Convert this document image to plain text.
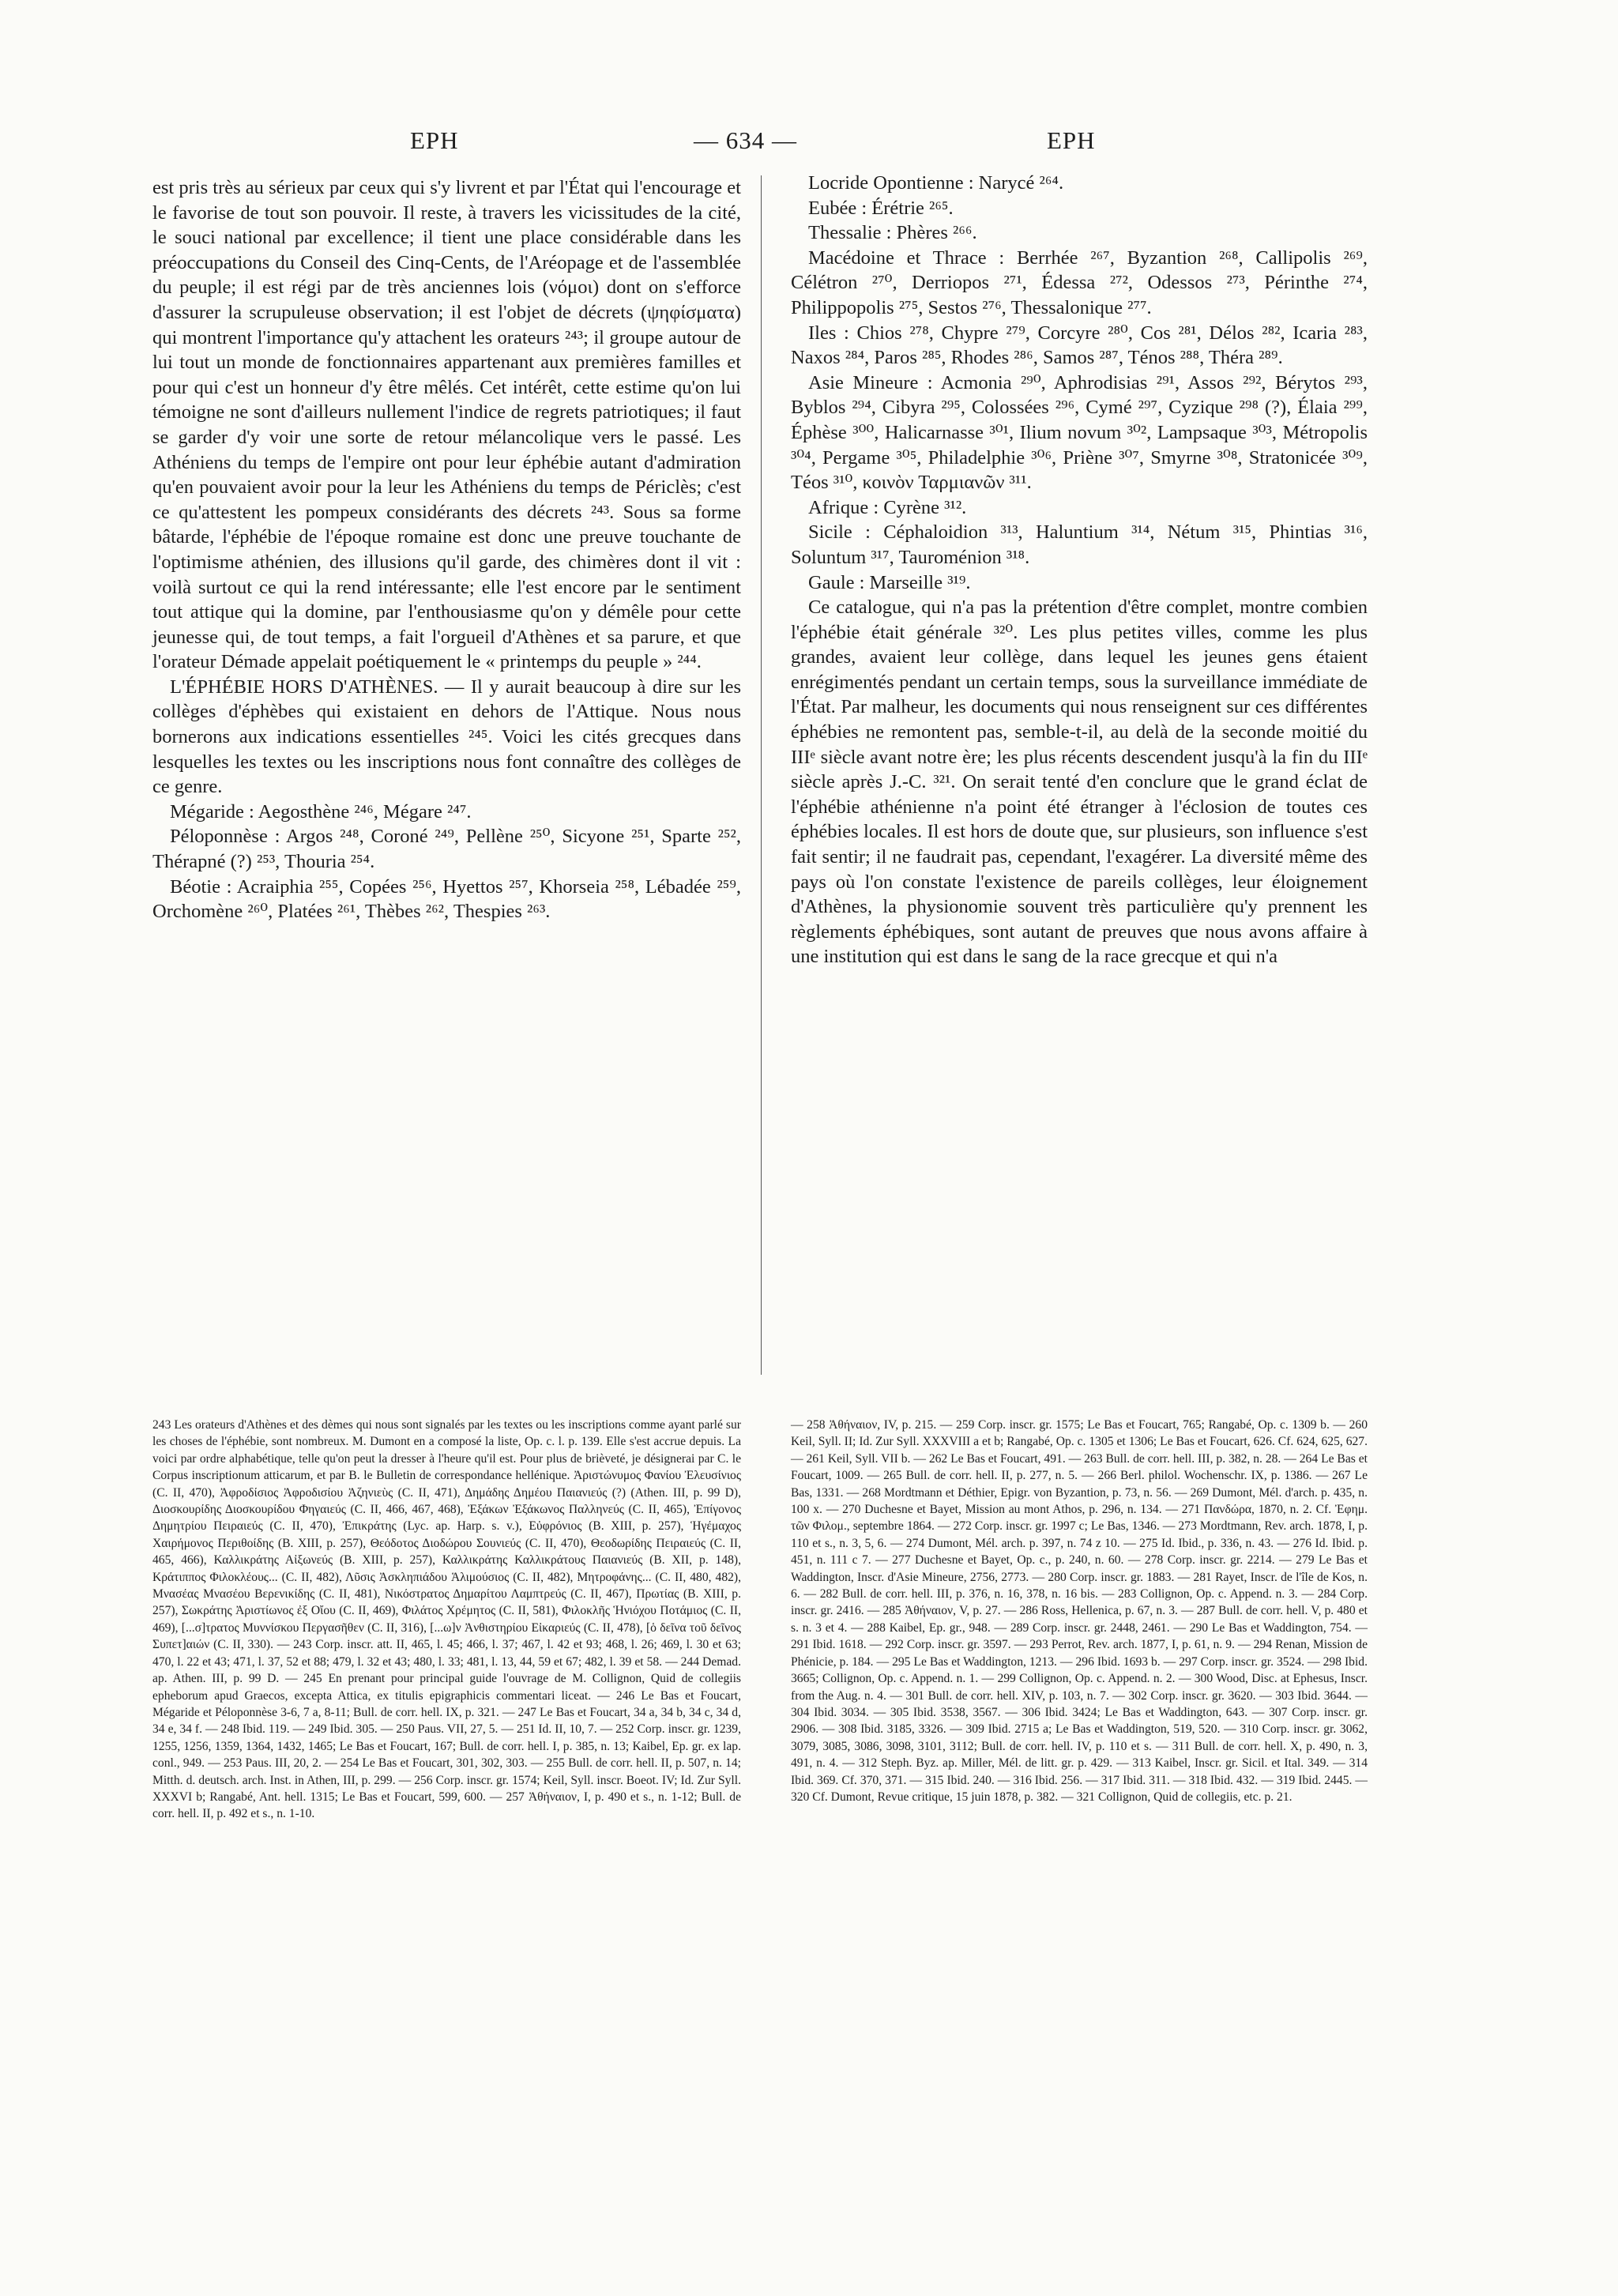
EPH	— 634 —	EPH

est pris très au sérieux par ceux qui s'y livrent et par l'État qui l'encourage et le favorise de tout son pouvoir. Il reste, à travers les vicissitudes de la cité, le souci national par excellence; il tient une place considérable dans les préoccupations du Conseil des Cinq-Cents, de l'Aréopage et de l'assemblée du peuple; il est régi par de très anciennes lois (νόμοι) dont on s'efforce d'assurer la scrupuleuse observation; il est l'objet de décrets (ψηφίσματα) qui montrent l'importance qu'y attachent les orateurs ²⁴³; il groupe autour de lui tout un monde de fonctionnaires appartenant aux premières familles et pour qui c'est un honneur d'y être mêlés. Cet intérêt, cette estime qu'on lui témoigne ne sont d'ailleurs nullement l'indice de regrets patriotiques; il faut se garder d'y voir une sorte de retour mélancolique vers le passé. Les Athéniens du temps de l'empire ont pour leur éphébie autant d'admiration qu'en pouvaient avoir pour la leur les Athéniens du temps de Périclès; c'est ce qu'attestent les pompeux considérants des décrets ²⁴³. Sous sa forme bâtarde, l'éphébie de l'époque romaine est donc une preuve touchante de l'optimisme athénien, des illusions qu'il garde, des chimères dont il vit : voilà surtout ce qui la rend intéressante; elle l'est encore par le sentiment tout attique qui la domine, par l'enthousiasme qu'on y démêle pour cette jeunesse qui, de tout temps, a fait l'orgueil d'Athènes et sa parure, et que l'orateur Démade appelait poétiquement le « printemps du peuple » ²⁴⁴.

L'ÉPHÉBIE HORS D'ATHÈNES. — Il y aurait beaucoup à dire sur les collèges d'éphèbes qui existaient en dehors de l'Attique. Nous nous bornerons aux indications essentielles ²⁴⁵. Voici les cités grecques dans lesquelles les textes ou les inscriptions nous font connaître des collèges de ce genre.

Mégaride : Aegosthène ²⁴⁶, Mégare ²⁴⁷.

Péloponnèse : Argos ²⁴⁸, Coroné ²⁴⁹, Pellène ²⁵⁰, Sicyone ²⁵¹, Sparte ²⁵², Thérapné (?) ²⁵³, Thouria ²⁵⁴.

Béotie : Acraiphia ²⁵⁵, Copées ²⁵⁶, Hyettos ²⁵⁷, Khorseia ²⁵⁸, Lébadée ²⁵⁹, Orchomène ²⁶⁰, Platées ²⁶¹, Thèbes ²⁶², Thespies ²⁶³.

Locride Opontienne : Narycé ²⁶⁴.

Eubée : Érétrie ²⁶⁵.

Thessalie : Phères ²⁶⁶.

Macédoine et Thrace : Berrhée ²⁶⁷, Byzantion ²⁶⁸, Callipolis ²⁶⁹, Célétron ²⁷⁰, Derriopos ²⁷¹, Édessa ²⁷², Odessos ²⁷³, Périnthe ²⁷⁴, Philippopolis ²⁷⁵, Sestos ²⁷⁶, Thessalonique ²⁷⁷.

Iles : Chios ²⁷⁸, Chypre ²⁷⁹, Corcyre ²⁸⁰, Cos ²⁸¹, Délos ²⁸², Icaria ²⁸³, Naxos ²⁸⁴, Paros ²⁸⁵, Rhodes ²⁸⁶, Samos ²⁸⁷, Ténos ²⁸⁸, Théra ²⁸⁹.

Asie Mineure : Acmonia ²⁹⁰, Aphrodisias ²⁹¹, Assos ²⁹², Bérytos ²⁹³, Byblos ²⁹⁴, Cibyra ²⁹⁵, Colossées ²⁹⁶, Cymé ²⁹⁷, Cyzique ²⁹⁸ (?), Élaia ²⁹⁹, Éphèse ³⁰⁰, Halicarnasse ³⁰¹, Ilium novum ³⁰², Lampsaque ³⁰³, Métropolis ³⁰⁴, Pergame ³⁰⁵, Philadelphie ³⁰⁶, Priène ³⁰⁷, Smyrne ³⁰⁸, Stratonicée ³⁰⁹, Téos ³¹⁰, κοινὸν Ταρμιανῶν ³¹¹.

Afrique : Cyrène ³¹².

Sicile : Céphaloidion ³¹³, Haluntium ³¹⁴, Nétum ³¹⁵, Phintias ³¹⁶, Soluntum ³¹⁷, Tauroménion ³¹⁸.

Gaule : Marseille ³¹⁹.

Ce catalogue, qui n'a pas la prétention d'être complet, montre combien l'éphébie était générale ³²⁰. Les plus petites villes, comme les plus grandes, avaient leur collège, dans lequel les jeunes gens étaient enrégimentés pendant un certain temps, sous la surveillance immédiate de l'État. Par malheur, les documents qui nous renseignent sur ces différentes éphébies ne remontent pas, semble-t-il, au delà de la seconde moitié du IIIᵉ siècle avant notre ère; les plus récents descendent jusqu'à la fin du IIIᵉ siècle après J.-C. ³²¹. On serait tenté d'en conclure que le grand éclat de l'éphébie athénienne n'a point été étranger à l'éclosion de toutes ces éphébies locales. Il est hors de doute que, sur plusieurs, son influence s'est fait sentir; il ne faudrait pas, cependant, l'exagérer. La diversité même des pays où l'on constate l'existence de pareils collèges, leur éloignement d'Athènes, la physionomie souvent très particulière qu'y prennent les règlements éphébiques, sont autant de preuves que nous avons affaire à une institution qui est dans le sang de la race grecque et qui n'a

243 Les orateurs d'Athènes et des dèmes qui nous sont signalés par les textes ou les inscriptions comme ayant parlé sur les choses de l'éphébie, sont nombreux. M. Dumont en a composé la liste, Op. c. l. p. 139. Elle s'est accrue depuis. La voici par ordre alphabétique, telle qu'on peut la dresser à l'heure qu'il est. Pour plus de brièveté, je désignerai par C. le Corpus inscriptionum atticarum, et par B. le Bulletin de correspondance hellénique. Ἀριστώνυμος Φανίου Ἐλευσίνιος (C. II, 470), Ἀφροδίσιος Ἀφροδισίου Ἀζηνιεὺς (C. II, 471), Δημάδης Δημέου Παιανιεύς (?) (Athen. III, p. 99 D), Διοσκουρίδης Διοσκουρίδου Φηγαιεύς (C. II, 466, 467, 468), Ἐξάκων Ἐξάκωνος Παλληνεύς (C. II, 465), Ἐπίγονος Δημητρίου Πειραιεύς (C. II, 470), Ἐπικράτης (Lyc. ap. Harp. s. v.), Εὐφρόνιος (B. XIII, p. 257), Ἡγέμαχος Χαιρήμονος Περιθοίδης (B. XIII, p. 257), Θεόδοτος Διοδώρου Σουνιεύς (C. II, 470), Θεοδωρίδης Πειραιεύς (C. II, 465, 466), Καλλικράτης Αἰξωνεύς (B. XIII, p. 257), Καλλικράτης Καλλικράτους Παιανιεύς (B. XII, p. 148), Κράτιππος Φιλοκλέους... (C. II, 482), Λῦσις Ἀσκληπιάδου Ἁλιμούσιος (C. II, 482), Μητροφάνης... (C. II, 480, 482), Μνασέας Μνασέου Βερενικίδης (C. II, 481), Νικόστρατος Δημαρίτου Λαμπτρεύς (C. II, 467), Πρωτίας (B. XIII, p. 257), Σωκράτης Ἀριστίωνος ἐξ Οἴου (C. II, 469), Φιλάτος Χρέμητος (C. II, 581), Φιλοκλῆς Ἡνιόχου Ποτάμιος (C. II, 469), [...σ]τρατος Μυννίσκου Περγασῆθεν (C. II, 316), [...ω]ν Ἀνθιστηρίου Εἰκαριεύς (C. II, 478), [ὁ δεῖνα τοῦ δεῖνος Συπετ]αιών (C. II, 330). — 243 Corp. inscr. att. II, 465, l. 45; 466, l. 37; 467, l. 42 et 93; 468, l. 26; 469, l. 30 et 63; 470, l. 22 et 43; 471, l. 37, 52 et 88; 479, l. 32 et 43; 480, l. 33; 481, l. 13, 44, 59 et 67; 482, l. 39 et 58. — 244 Demad. ap. Athen. III, p. 99 D. — 245 En prenant pour principal guide l'ouvrage de M. Collignon, Quid de collegiis epheborum apud Graecos, excepta Attica, ex titulis epigraphicis commentari liceat. — 246 Le Bas et Foucart, Mégaride et Péloponnèse 3-6, 7 a, 8-11; Bull. de corr. hell. IX, p. 321. — 247 Le Bas et Foucart, 34 a, 34 b, 34 c, 34 d, 34 e, 34 f. — 248 Ibid. 119. — 249 Ibid. 305. — 250 Paus. VII, 27, 5. — 251 Id. II, 10, 7. — 252 Corp. inscr. gr. 1239, 1255, 1256, 1359, 1364, 1432, 1465; Le Bas et Foucart, 167; Bull. de corr. hell. I, p. 385, n. 13; Kaibel, Ep. gr. ex lap. conl., 949. — 253 Paus. III, 20, 2. — 254 Le Bas et Foucart, 301, 302, 303. — 255 Bull. de corr. hell. II, p. 507, n. 14; Mitth. d. deutsch. arch. Inst. in Athen, III, p. 299. — 256 Corp. inscr. gr. 1574; Keil, Syll. inscr. Boeot. IV; Id. Zur Syll. XXXVI b; Rangabé, Ant. hell. 1315; Le Bas et Foucart, 599, 600. — 257 Ἀθήναιον, I, p. 490 et s., n. 1-12; Bull. de corr. hell. II, p. 492 et s., n. 1-10.

— 258 Ἀθήναιον, IV, p. 215. — 259 Corp. inscr. gr. 1575; Le Bas et Foucart, 765; Rangabé, Op. c. 1309 b. — 260 Keil, Syll. II; Id. Zur Syll. XXXVIII a et b; Rangabé, Op. c. 1305 et 1306; Le Bas et Foucart, 626. Cf. 624, 625, 627. — 261 Keil, Syll. VII b. — 262 Le Bas et Foucart, 491. — 263 Bull. de corr. hell. III, p. 382, n. 28. — 264 Le Bas et Foucart, 1009. — 265 Bull. de corr. hell. II, p. 277, n. 5. — 266 Berl. philol. Wochenschr. IX, p. 1386. — 267 Le Bas, 1331. — 268 Mordtmann et Déthier, Epigr. von Byzantion, p. 73, n. 56. — 269 Dumont, Mél. d'arch. p. 435, n. 100 x. — 270 Duchesne et Bayet, Mission au mont Athos, p. 296, n. 134. — 271 Πανδώρα, 1870, n. 2. Cf. Ἐφημ. τῶν Φιλομ., septembre 1864. — 272 Corp. inscr. gr. 1997 c; Le Bas, 1346. — 273 Mordtmann, Rev. arch. 1878, I, p. 110 et s., n. 3, 5, 6. — 274 Dumont, Mél. arch. p. 397, n. 74 z 10. — 275 Id. Ibid., p. 336, n. 43. — 276 Id. Ibid. p. 451, n. 111 c 7. — 277 Duchesne et Bayet, Op. c., p. 240, n. 60. — 278 Corp. inscr. gr. 2214. — 279 Le Bas et Waddington, Inscr. d'Asie Mineure, 2756, 2773. — 280 Corp. inscr. gr. 1883. — 281 Rayet, Inscr. de l'île de Kos, n. 6. — 282 Bull. de corr. hell. III, p. 376, n. 16, 378, n. 16 bis. — 283 Collignon, Op. c. Append. n. 3. — 284 Corp. inscr. gr. 2416. — 285 Ἀθήναιον, V, p. 27. — 286 Ross, Hellenica, p. 67, n. 3. — 287 Bull. de corr. hell. V, p. 480 et s. n. 3 et 4. — 288 Kaibel, Ep. gr., 948. — 289 Corp. inscr. gr. 2448, 2461. — 290 Le Bas et Waddington, 754. — 291 Ibid. 1618. — 292 Corp. inscr. gr. 3597. — 293 Perrot, Rev. arch. 1877, I, p. 61, n. 9. — 294 Renan, Mission de Phénicie, p. 184. — 295 Le Bas et Waddington, 1213. — 296 Ibid. 1693 b. — 297 Corp. inscr. gr. 3524. — 298 Ibid. 3665; Collignon, Op. c. Append. n. 1. — 299 Collignon, Op. c. Append. n. 2. — 300 Wood, Disc. at Ephesus, Inscr. from the Aug. n. 4. — 301 Bull. de corr. hell. XIV, p. 103, n. 7. — 302 Corp. inscr. gr. 3620. — 303 Ibid. 3644. — 304 Ibid. 3034. — 305 Ibid. 3538, 3567. — 306 Ibid. 3424; Le Bas et Waddington, 643. — 307 Corp. inscr. gr. 2906. — 308 Ibid. 3185, 3326. — 309 Ibid. 2715 a; Le Bas et Waddington, 519, 520. — 310 Corp. inscr. gr. 3062, 3079, 3085, 3086, 3098, 3101, 3112; Bull. de corr. hell. IV, p. 110 et s. — 311 Bull. de corr. hell. X, p. 490, n. 3, 491, n. 4. — 312 Steph. Byz. ap. Miller, Mél. de litt. gr. p. 429. — 313 Kaibel, Inscr. gr. Sicil. et Ital. 349. — 314 Ibid. 369. Cf. 370, 371. — 315 Ibid. 240. — 316 Ibid. 256. — 317 Ibid. 311. — 318 Ibid. 432. — 319 Ibid. 2445. — 320 Cf. Dumont, Revue critique, 15 juin 1878, p. 382. — 321 Collignon, Quid de collegiis, etc. p. 21.
